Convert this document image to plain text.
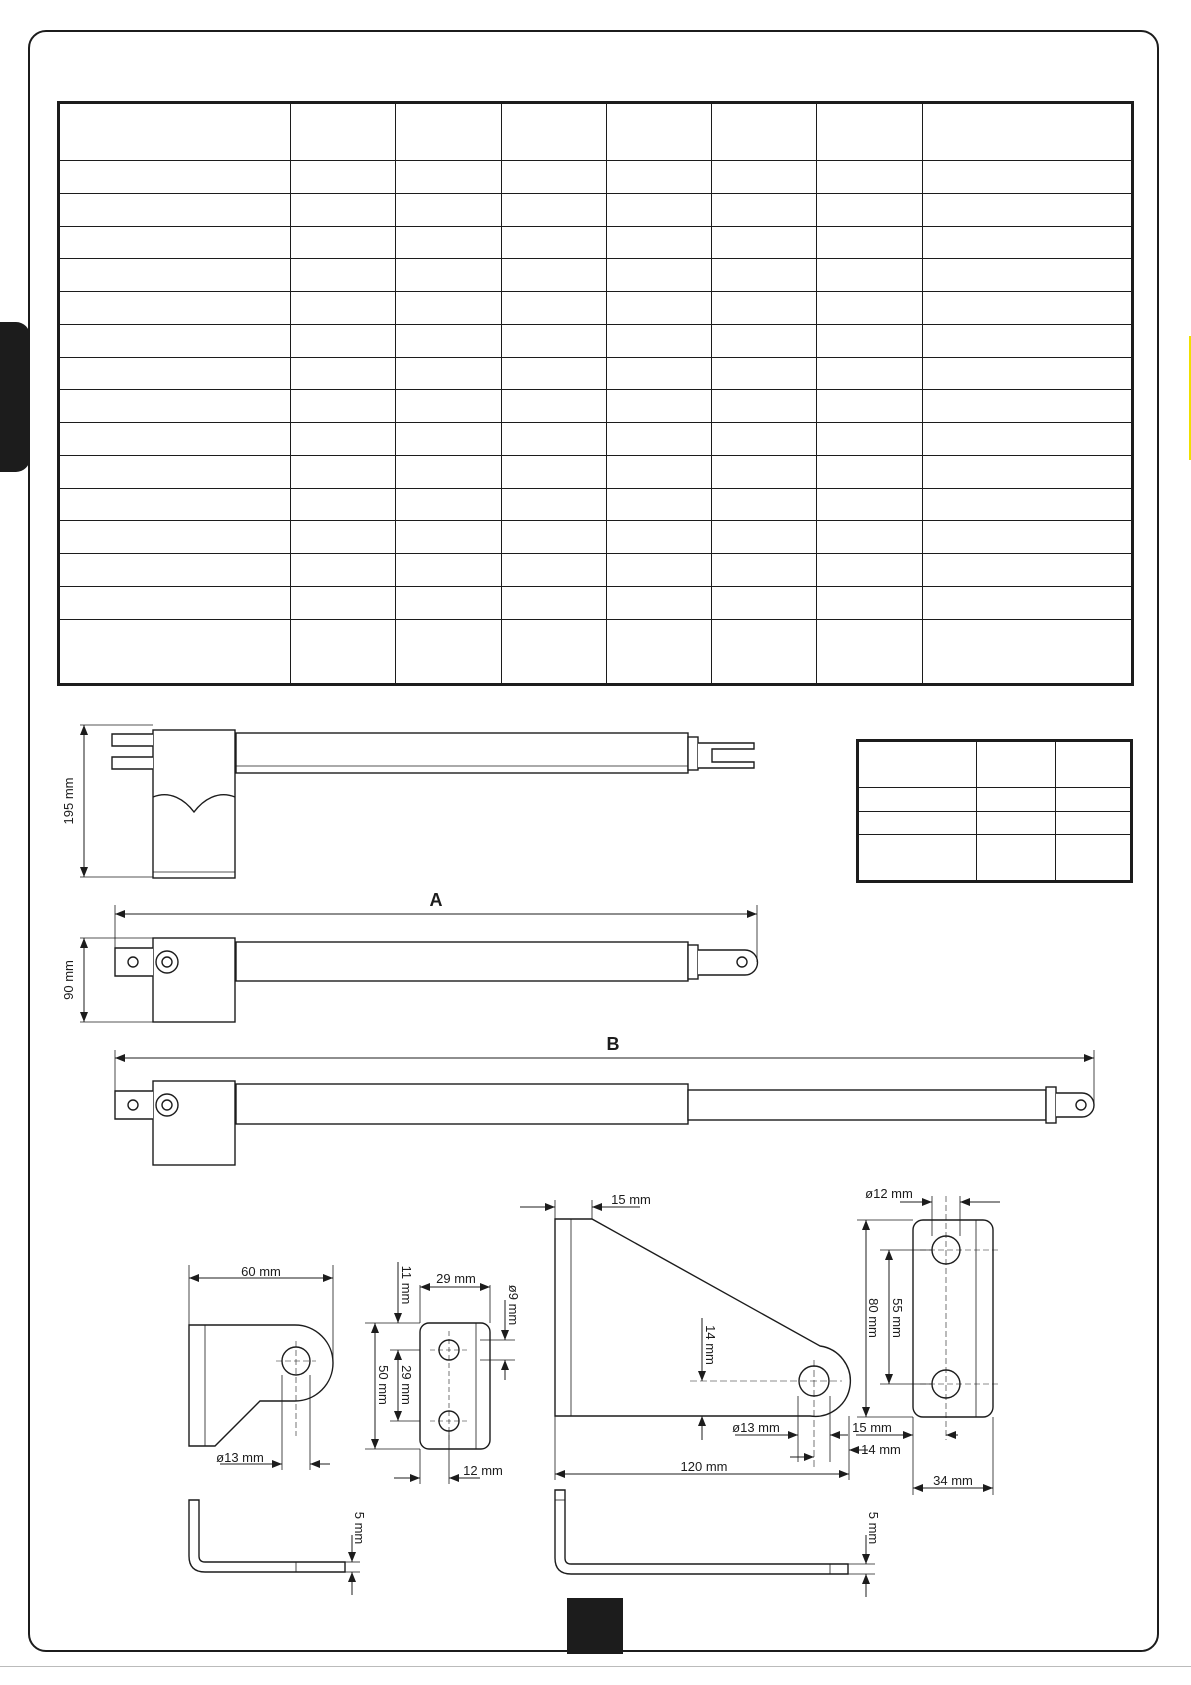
195 mm
90 mm
A
B
60 mm
ø13 mm
5 mm
11 mm 29 mm
ø9 mm
50 mm 29 mm
12 mm
15 mm
14 mm
ø13 mm
120 mm
5 mm
ø12 mm
80 mm 55 mm
15 mm
14 mm
34 mm
